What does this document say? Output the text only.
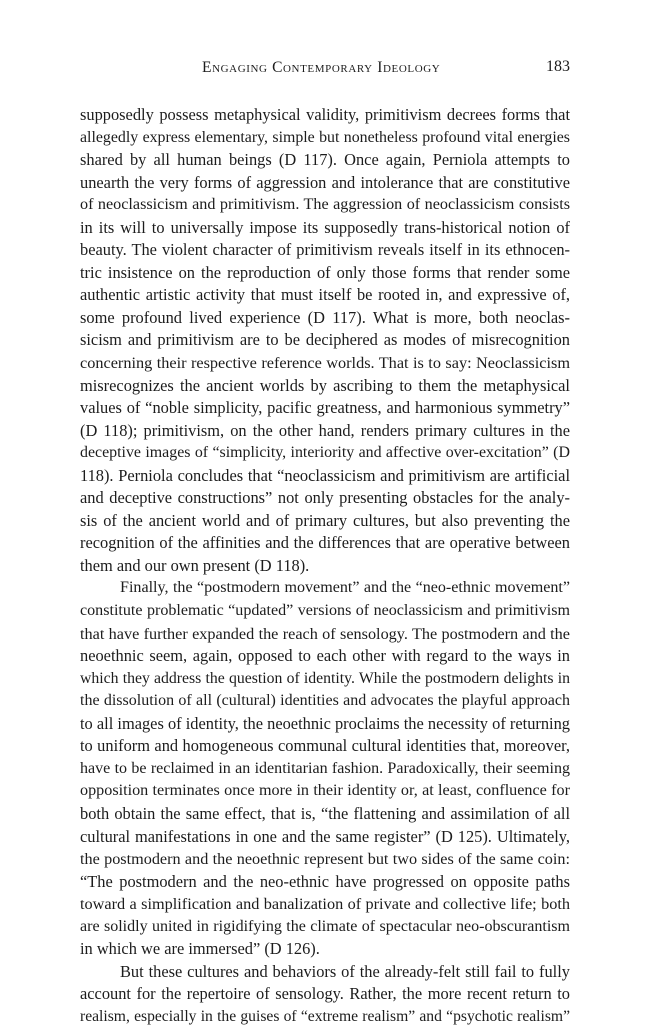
Engaging Contemporary Ideology	183
supposedly possess metaphysical validity, primitivism decrees forms that
allegedly express elementary, simple but nonetheless profound vital energies
shared by all human beings (D 117). Once again, Perniola attempts to
unearth the very forms of aggression and intolerance that are constitutive
of neoclassicism and primitivism. The aggression of neoclassicism consists
in its will to universally impose its supposedly trans-historical notion of
beauty. The violent character of primitivism reveals itself in its ethnocen-
tric insistence on the reproduction of only those forms that render some
authentic artistic activity that must itself be rooted in, and expressive of,
some profound lived experience (D 117). What is more, both neoclas-
sicism and primitivism are to be deciphered as modes of misrecognition
concerning their respective reference worlds. That is to say: Neoclassicism
misrecognizes the ancient worlds by ascribing to them the metaphysical
values of “noble simplicity, pacific greatness, and harmonious symmetry”
(D 118); primitivism, on the other hand, renders primary cultures in the
deceptive images of “simplicity, interiority and affective over-excitation” (D
118). Perniola concludes that “neoclassicism and primitivism are artificial
and deceptive constructions” not only presenting obstacles for the analy-
sis of the ancient world and of primary cultures, but also preventing the
recognition of the affinities and the differences that are operative between
them and our own present (D 118).
Finally, the “postmodern movement” and the “neo-ethnic movement”
constitute problematic “updated” versions of neoclassicism and primitivism
that have further expanded the reach of sensology. The postmodern and the
neoethnic seem, again, opposed to each other with regard to the ways in
which they address the question of identity. While the postmodern delights in
the dissolution of all (cultural) identities and advocates the playful approach
to all images of identity, the neoethnic proclaims the necessity of returning
to uniform and homogeneous communal cultural identities that, moreover,
have to be reclaimed in an identitarian fashion. Paradoxically, their seeming
opposition terminates once more in their identity or, at least, confluence for
both obtain the same effect, that is, “the flattening and assimilation of all
cultural manifestations in one and the same register” (D 125). Ultimately,
the postmodern and the neoethnic represent but two sides of the same coin:
“The postmodern and the neo-ethnic have progressed on opposite paths
toward a simplification and banalization of private and collective life; both
are solidly united in rigidifying the climate of spectacular neo-obscurantism
in which we are immersed” (D 126).
But these cultures and behaviors of the already-felt still fail to fully
account for the repertoire of sensology. Rather, the more recent return to
realism, especially in the guises of “extreme realism” and “psychotic realism”
